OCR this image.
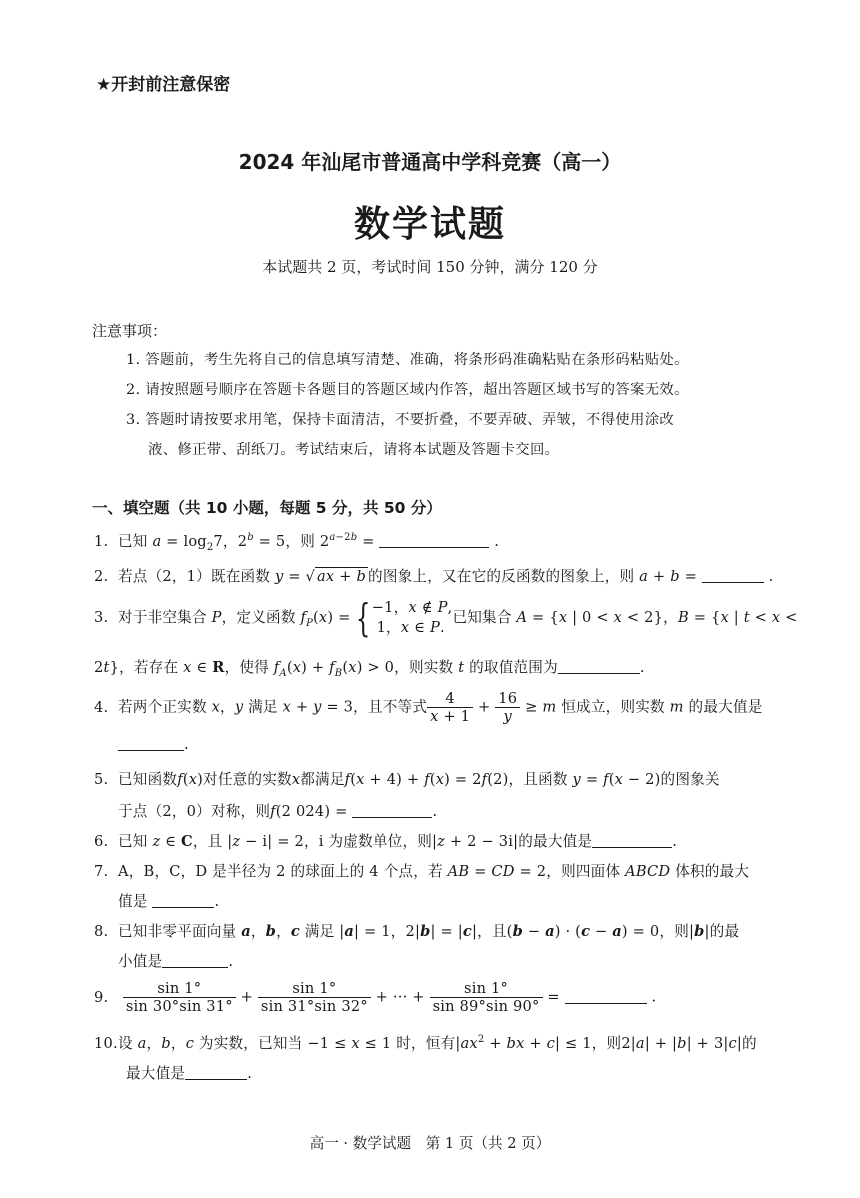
★开封前注意保密
2024 年汕尾市普通高中学科竞赛（高一）
数学试题
本试题共 2 页，考试时间 150 分钟，满分 120 分
注意事项：
1. 答题前，考生先将自己的信息填写清楚、准确，将条形码准确粘贴在条形码粘贴处。
2. 请按照题号顺序在答题卡各题目的答题区域内作答，超出答题区域书写的答案无效。
3. 答题时请按要求用笔，保持卡面清洁，不要折叠，不要弄破、弄皱，不得使用涂改
液、修正带、刮纸刀。考试结束后，请将本试题及答题卡交回。
一、填空题（共 10 小题，每题 5 分，共 50 分）
1. 已知 $a = \log_27$，$2^b = 5$，则 $2^{a-2b}$ =	.
2. 若点（2，1）既在函数 y = √ ax + b 的图象上，又在它的反函数的图象上，则 a + b =	.
3. 对于非空集合 P，定义函数 $f_P(x)$ = { −1，x ∉ P,
1，x ∈ P.
已知集合 A = {x | 0 < x < 2}，B = {x | t < x <
2t}，若存在 x ∈ R，使得 $f_A(x) + f_B(x) > 0$，则实数 t 的取值范围为	.
4. 若两个正实数 x，y 满足 x + y = 3，且不等式 $\frac{4}{x + 1} + \frac{16}{y} \ge m$ 恒成立，则实数 m 的最大值是
.
5. 已知函数f(x)对任意的实数x都满足f(x + 4) + f(x) = 2f(2)，且函数 y = f(x − 2)的图象关
于点（2，0）对称，则f(2 024) =	.
6. 已知 z ∈ C，且 |z − i| = 2，i 为虚数单位，则|z + 2 − 3i|的最大值是	.
7. A，B，C，D 是半径为 2 的球面上的 4 个点，若 AB = CD = 2，则四面体 ABCD 体积的最大
值是	.
8. 已知非零平面向量 a，b，c 满足 |a| = 1，2|b| = |c|，且(b − a) · (c − a) = 0，则|b|的最
小值是	.
9. $\frac{\sin 1^\circ}{\sin 30^\circ\sin 31^\circ} + \frac{\sin 1^\circ}{\sin 31^\circ\sin 32^\circ}$ + ··· + $\frac{\sin 1^\circ}{\sin 89^\circ\sin 90^\circ}$ =	.
10.设 a，b，c 为实数，已知当 −1 ≤ x ≤ 1 时，恒有$|ax^2$ + bx + c| ≤ 1，则2|a| + |b| + 3|c|的
最大值是	.
高一 · 数学试题　第 1 页（共 2 页）
